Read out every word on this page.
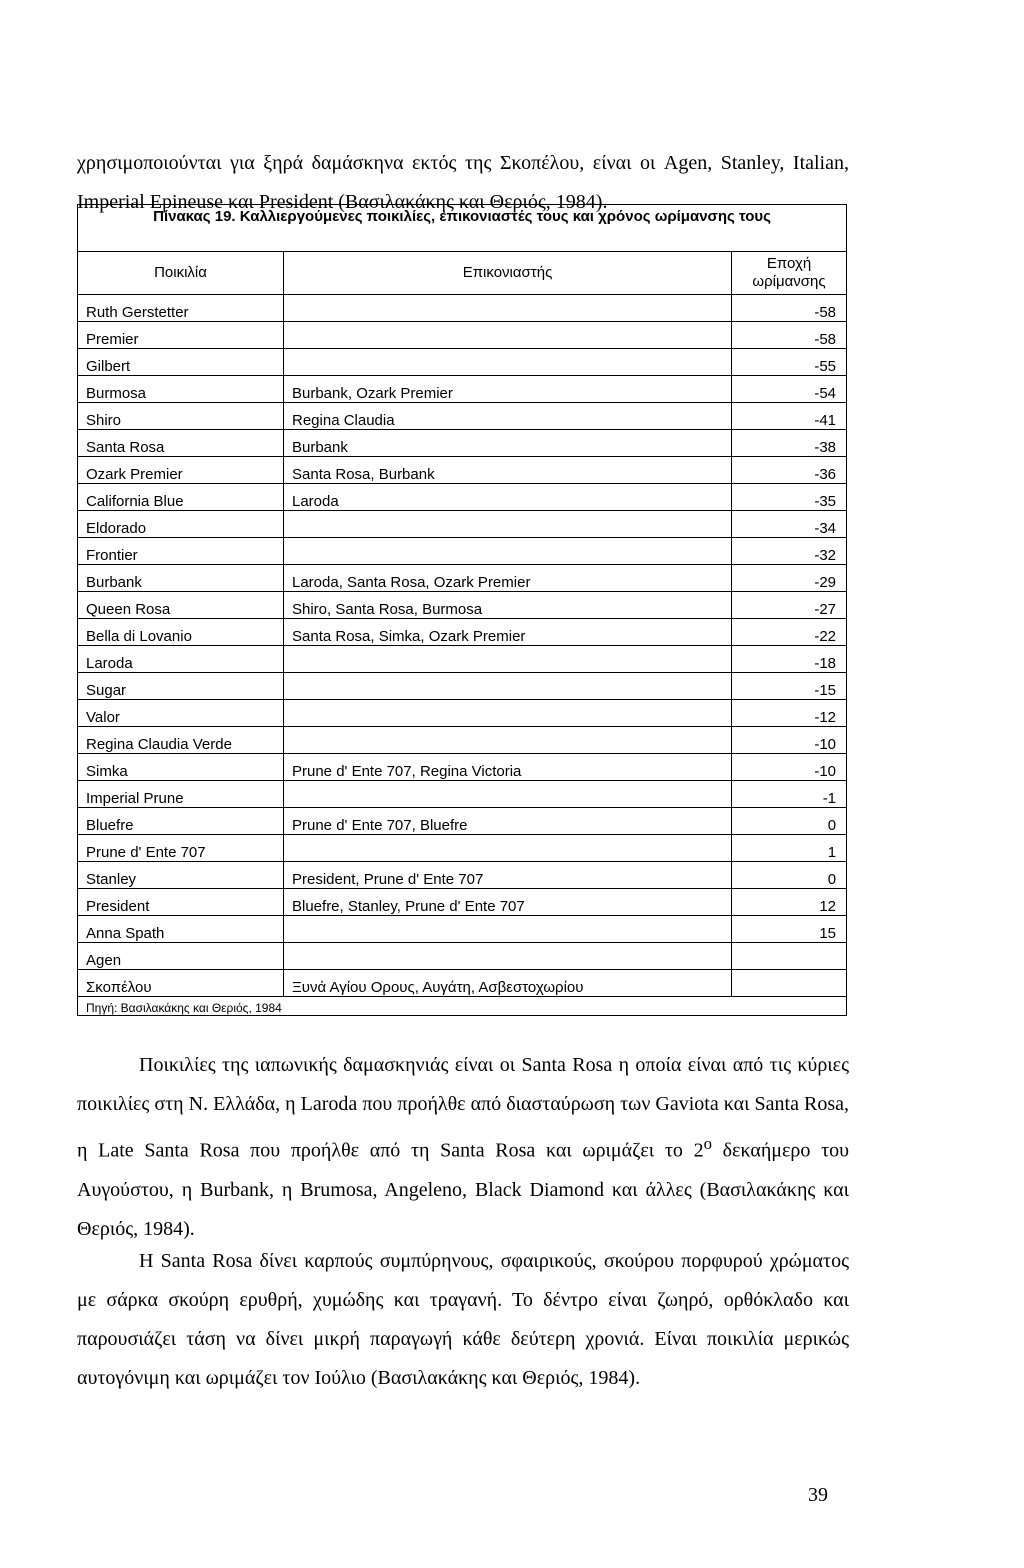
χρησιμοποιούνται για ξηρά δαμάσκηνα εκτός της Σκοπέλου, είναι οι Agen, Stanley, Italian, Imperial Epineuse και President (Βασιλακάκης και Θεριός, 1984).

Πίνακας 19. Καλλιεργούμενες ποικιλίες, επικονιαστές τους και χρόνος ωρίμανσης τους		
Ποικιλία	Επικονιαστής	Εποχή ωρίμανσης
Ruth Gerstetter		-58
Premier		-58
Gilbert		-55
Burmosa	Burbank, Ozark Premier	-54
Shiro	Regina Claudia	-41
Santa Rosa	Burbank	-38
Ozark Premier	Santa Rosa, Burbank	-36
California Blue	Laroda	-35
Eldorado		-34
Frontier		-32
Burbank	Laroda, Santa Rosa, Ozark Premier	-29
Queen Rosa	Shiro, Santa Rosa, Burmosa	-27
Bella di Lovanio	Santa Rosa, Simka, Ozark Premier	-22
Laroda		-18
Sugar		-15
Valor		-12
Regina Claudia Verde		-10
Simka	Prune d' Ente 707, Regina Victoria	-10
Imperial Prune		-1
Bluefre	Prune d' Ente 707, Bluefre	0
Prune d' Ente 707		1
Stanley	President, Prune d' Ente 707	0
President	Bluefre, Stanley, Prune d' Ente 707	12
Anna Spath		15
Agen		
Σκοπέλου	Ξυνά Αγίου Ορους, Αυγάτη, Ασβεστοχωρίου	
Πηγή: Βασιλακάκης και Θεριός, 1984		

Ποικιλίες της ιαπωνικής δαμασκηνιάς είναι οι Santa Rosa η οποία είναι από τις κύριες ποικιλίες στη Ν. Ελλάδα, η Laroda που προήλθε από διασταύρωση των Gaviota και Santa Rosa, η Late Santa Rosa που προήλθε από τη Santa Rosa και ωριμάζει το $2^o$ δεκαήμερο του Αυγούστου, η Burbank, η Brumosa, Angeleno, Black Diamond και άλλες (Βασιλακάκης και Θεριός, 1984).

Η Santa Rosa δίνει καρπούς συμπύρηνους, σφαιρικούς, σκούρου πορφυρού χρώματος με σάρκα σκούρη ερυθρή, χυμώδης και τραγανή. Το δέντρο είναι ζωηρό, ορθόκλαδο και παρουσιάζει τάση να δίνει μικρή παραγωγή κάθε δεύτερη χρονιά. Είναι ποικιλία μερικώς αυτογόνιμη και ωριμάζει τον Ιούλιο (Βασιλακάκης και Θεριός, 1984).

39
